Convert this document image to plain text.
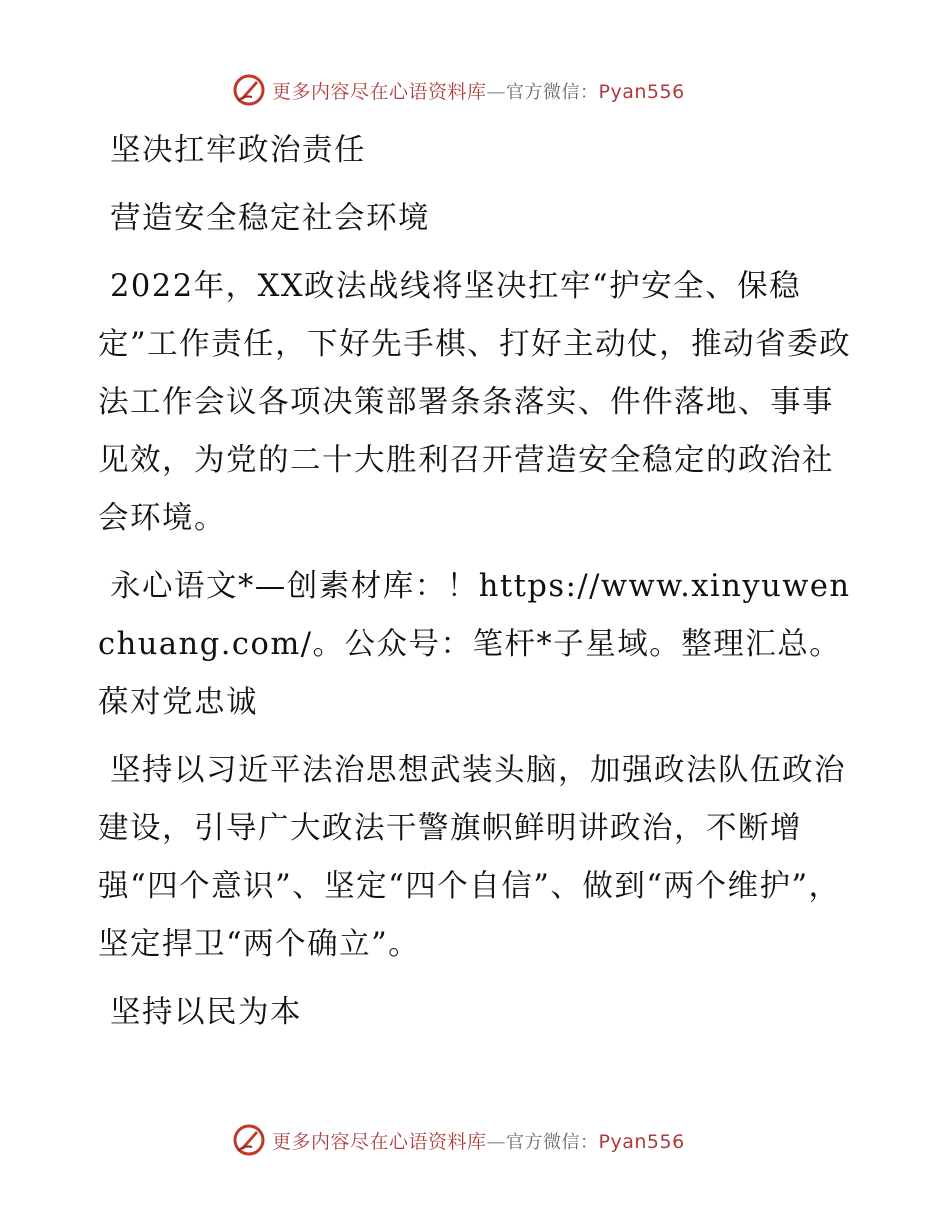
更多内容尽在心语资料库—官方微信：Pyan556

坚决扛牢政治责任

营造安全稳定社会环境

2022年，XX政法战线将坚决扛牢“护安全、保稳定”工作责任，下好先手棋、打好主动仗，推动省委政法工作会议各项决策部署条条落实、件件落地、事事见效，为党的二十大胜利召开营造安全稳定的政治社会环境。

永心语文*—创素材库：！https://www.xinyuwenchuang.com/。公众号：笔杆*子星域。整理汇总。葆对党忠诚

坚持以习近平法治思想武装头脑，加强政法队伍政治建设，引导广大政法干警旗帜鲜明讲政治，不断增强“四个意识”、坚定“四个自信”、做到“两个维护”，坚定捍卫“两个确立”。

坚持以民为本

更多内容尽在心语资料库—官方微信：Pyan556
